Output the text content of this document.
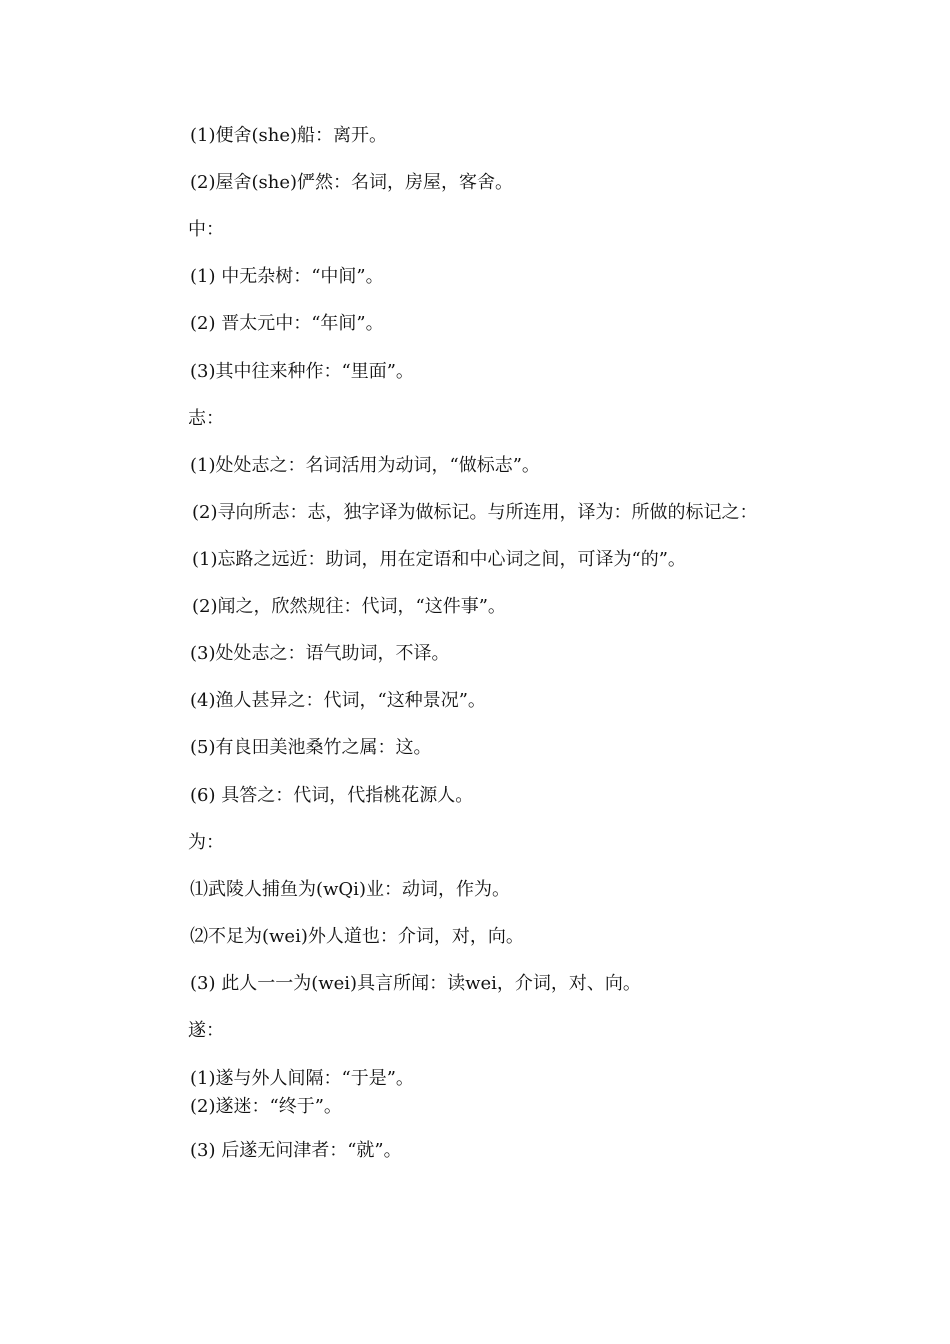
(1)便舍(she)船：离开。
(2)屋舍(she)俨然：名词，房屋，客舍。
中：
(1) 中无杂树：“中间”。
(2) 晋太元中：“年间”。
(3)其中往来种作：“里面”。
志：
(1)处处志之：名词活用为动词，“做标志”。
(2)寻向所志：志，独字译为做标记。与所连用，译为：所做的标记之：
(1)忘路之远近：助词，用在定语和中心词之间，可译为“的”。
(2)闻之，欣然规往：代词，“这件事”。
(3)处处志之：语气助词，不译。
(4)渔人甚异之：代词，“这种景况”。
(5)有良田美池桑竹之属：这。
(6) 具答之：代词，代指桃花源人。
为：
⑴武陵人捕鱼为(wQi)业：动词，作为。
⑵不足为(wei)外人道也：介词，对，向。
(3) 此人一一为(wei)具言所闻：读wei，介词，对、向。
遂：
(1)遂与外人间隔：“于是”。
(2)遂迷：“终于”。
(3) 后遂无问津者：“就”。
